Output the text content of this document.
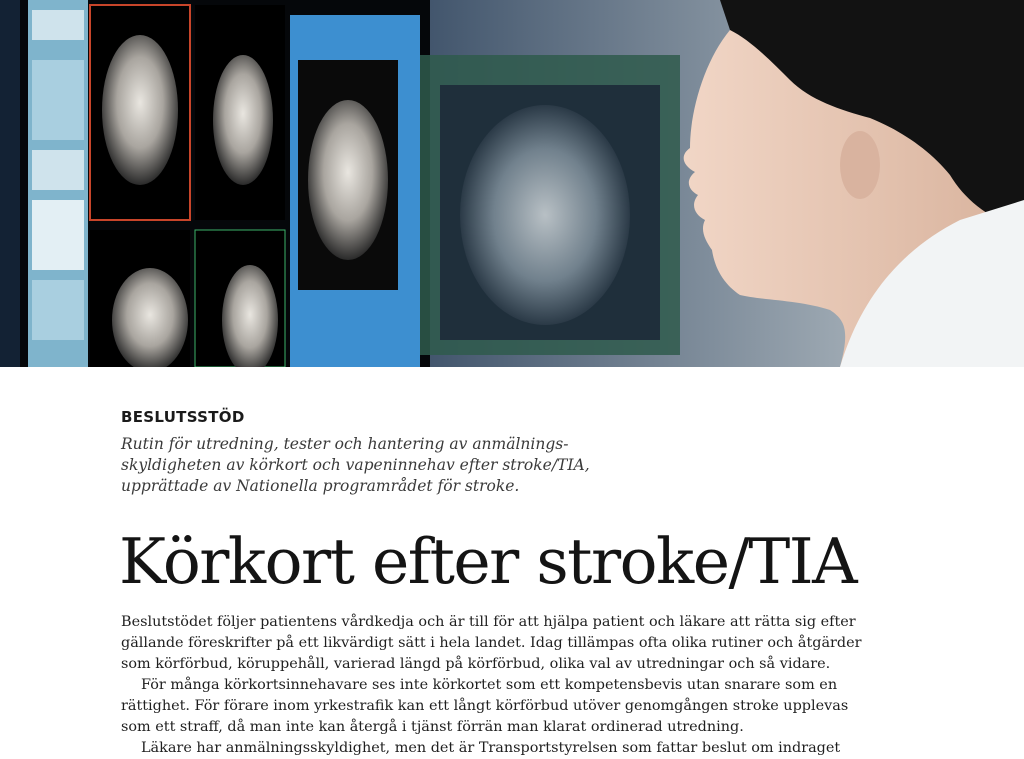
BESLUTSSTÖD
Rutin för utredning, tester och hantering av anmälnings-
skyldigheten av körkort och vapeninnehav efter stroke/TIA,
upprättade av Nationella programrådet för stroke.
Körkort efter stroke/TIA
Beslutstödet följer patientens vårdkedja och är till för att hjälpa patient och läkare att rätta sig efter
gällande föreskrifter på ett likvärdigt sätt i hela landet. Idag tillämpas ofta olika rutiner och åtgärder
som körförbud, köruppehåll, varierad längd på körförbud, olika val av utredningar och så vidare.
För många körkortsinnehavare ses inte körkortet som ett kompetensbevis utan snarare som en
rättighet. För förare inom yrkestrafik kan ett långt körförbud utöver genomgången stroke upplevas
som ett straff, då man inte kan återgå i tjänst förrän man klarat ordinerad utredning.
Läkare har anmälningsskyldighet, men det är Transportstyrelsen som fattar beslut om indraget
